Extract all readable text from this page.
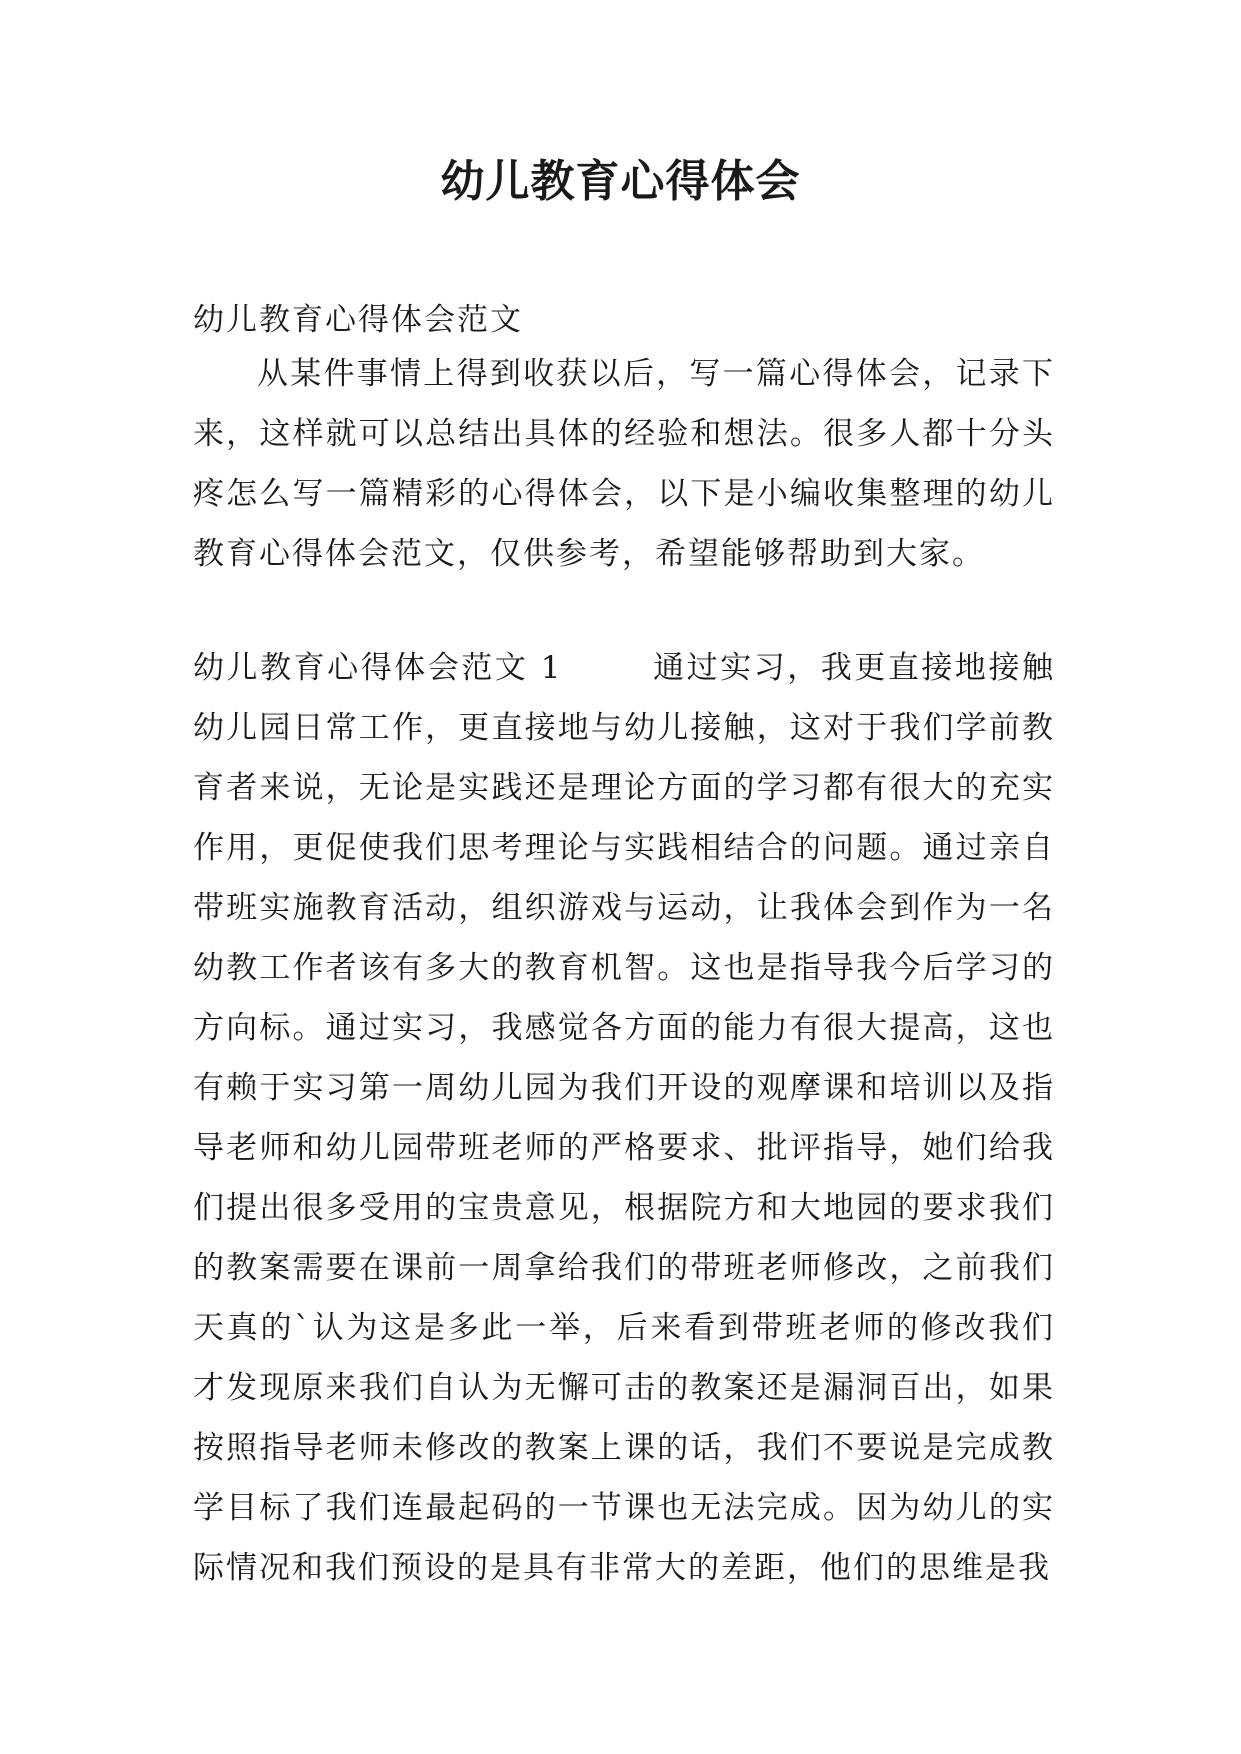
幼儿教育心得体会

幼儿教育心得体会范文

从某件事情上得到收获以后，写一篇心得体会，记录下来，这样就可以总结出具体的经验和想法。很多人都十分头疼怎么写一篇精彩的心得体会，以下是小编收集整理的幼儿教育心得体会范文，仅供参考，希望能够帮助到大家。

幼儿教育心得体会范文 1	通过实习，我更直接地接触幼儿园日常工作，更直接地与幼儿接触，这对于我们学前教育者来说，无论是实践还是理论方面的学习都有很大的充实作用，更促使我们思考理论与实践相结合的问题。通过亲自带班实施教育活动，组织游戏与运动，让我体会到作为一名幼教工作者该有多大的教育机智。这也是指导我今后学习的方向标。通过实习，我感觉各方面的能力有很大提高，这也有赖于实习第一周幼儿园为我们开设的观摩课和培训以及指导老师和幼儿园带班老师的严格要求、批评指导，她们给我们提出很多受用的宝贵意见，根据院方和大地园的要求我们的教案需要在课前一周拿给我们的带班老师修改，之前我们天真的`认为这是多此一举，后来看到带班老师的修改我们才发现原来我们自认为无懈可击的教案还是漏洞百出，如果按照指导老师未修改的教案上课的话，我们不要说是完成教学目标了我们连最起码的一节课也无法完成。因为幼儿的实际情况和我们预设的是具有非常大的差距，他们的思维是我
